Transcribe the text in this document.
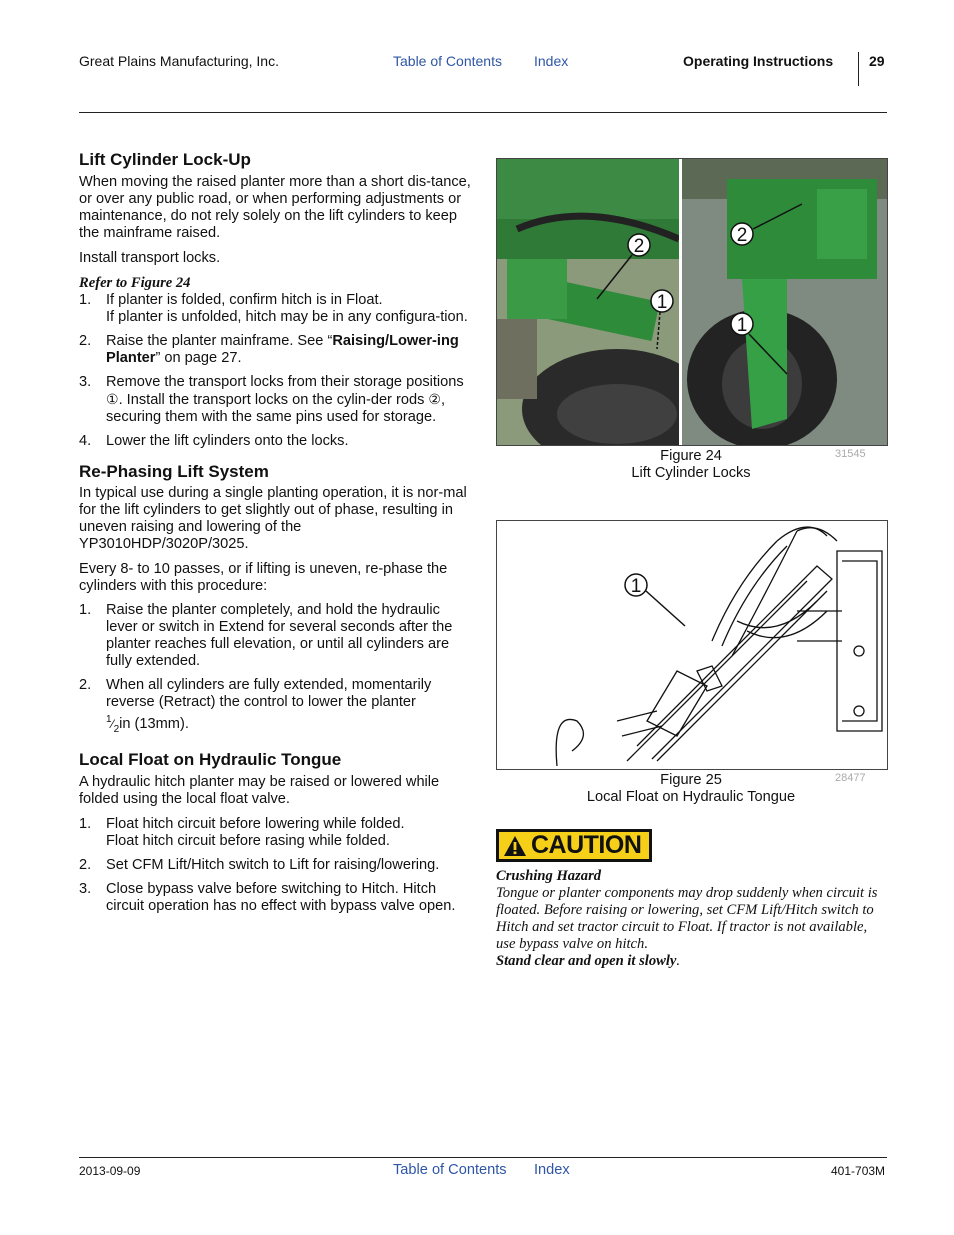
Great Plains Manufacturing, Inc.	Table of Contents Index	Operating Instructions	29
Lift Cylinder Lock-Up

When moving the raised planter more than a short dis-tance, or over any public road, or when performing adjustments or maintenance, do not rely solely on the lift cylinders to keep the mainframe raised.

Install transport locks.

Refer to Figure 24

1. If planter is folded, confirm hitch is in Float.
If planter is unfolded, hitch may be in any configura-tion.
2. Raise the planter mainframe. See “Raising/Lower-ing Planter” on page 27.
3. Remove the transport locks from their storage positions ①. Install the transport locks on the cylin-der rods ②, securing them with the same pins used for storage.
4. Lower the lift cylinders onto the locks.
Re-Phasing Lift System

In typical use during a single planting operation, it is nor-mal for the lift cylinders to get slightly out of phase, resulting in uneven raising and lowering of the YP3010HDP/3020P/3025.

Every 8- to 10 passes, or if lifting is uneven, re-phase the cylinders with this procedure:

1. Raise the planter completely, and hold the hydraulic lever or switch in Extend for several seconds after the planter reaches full elevation, or until all cylinders are fully extended.
2. When all cylinders are fully extended, momentarily reverse (Retract) the control to lower the planter
$^1⁄_2in$ (13mm).
Local Float on Hydraulic Tongue

A hydraulic hitch planter may be raised or lowered while folded using the local float valve.

1. Float hitch circuit before lowering while folded.
Float hitch circuit before rasing while folded.
2. Set CFM Lift/Hitch switch to Lift for raising/lowering.
3. Close bypass valve before switching to Hitch. Hitch circuit operation has no effect with bypass valve open.
2
1
2
1
Figure 24
Lift Cylinder Locks
31545
1
Figure 25
Local Float on Hydraulic Tongue
28477
CAUTION
Crushing Hazard
Tongue or planter components may drop suddenly when circuit is floated. Before raising or lowering, set CFM Lift/Hitch switch to Hitch and set tractor circuit to Float. If tractor is not available, use bypass valve on hitch.
Stand clear and open it slowly.
2013-09-09	Table of Contents Index	401-703M
